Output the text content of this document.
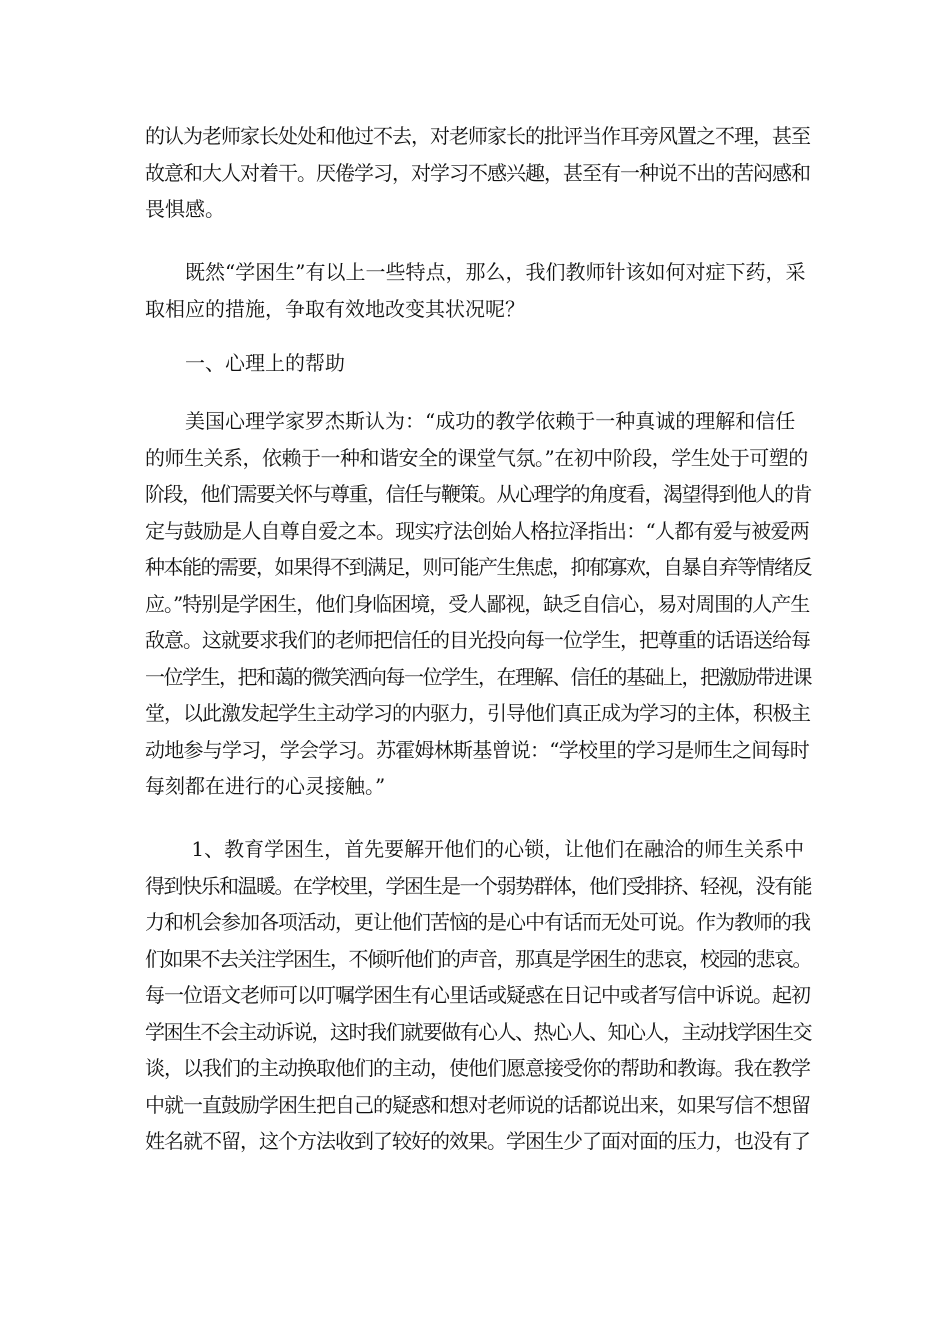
的认为老师家长处处和他过不去，对老师家长的批评当作耳旁风置之不理，甚至
故意和大人对着干。厌倦学习，对学习不感兴趣，甚至有一种说不出的苦闷感和
畏惧感。
　　既然“学困生”有以上一些特点，那么，我们教师针该如何对症下药，采
取相应的措施，争取有效地改变其状况呢？
　　一、心理上的帮助
　　美国心理学家罗杰斯认为：“成功的教学依赖于一种真诚的理解和信任
的师生关系，依赖于一种和谐安全的课堂气氛。”在初中阶段，学生处于可塑的
阶段，他们需要关怀与尊重，信任与鞭策。从心理学的角度看，渴望得到他人的肯
定与鼓励是人自尊自爱之本。现实疗法创始人格拉泽指出：“人都有爱与被爱两
种本能的需要，如果得不到满足，则可能产生焦虑，抑郁寡欢，自暴自弃等情绪反
应。”特别是学困生，他们身临困境，受人鄙视，缺乏自信心，易对周围的人产生
敌意。这就要求我们的老师把信任的目光投向每一位学生，把尊重的话语送给每
一位学生，把和蔼的微笑洒向每一位学生，在理解、信任的基础上，把激励带进课
堂，以此激发起学生主动学习的内驱力，引导他们真正成为学习的主体，积极主
动地参与学习，学会学习。苏霍姆林斯基曾说：“学校里的学习是师生之间每时
每刻都在进行的心灵接触。”
　　 1、教育学困生，首先要解开他们的心锁，让他们在融洽的师生关系中
得到快乐和温暖。在学校里，学困生是一个弱势群体，他们受排挤、轻视，没有能
力和机会参加各项活动，更让他们苦恼的是心中有话而无处可说。作为教师的我
们如果不去关注学困生，不倾听他们的声音，那真是学困生的悲哀，校园的悲哀。
每一位语文老师可以叮嘱学困生有心里话或疑惑在日记中或者写信中诉说。起初
学困生不会主动诉说，这时我们就要做有心人、热心人、知心人，主动找学困生交
谈，以我们的主动换取他们的主动，使他们愿意接受你的帮助和教诲。我在教学
中就一直鼓励学困生把自己的疑惑和想对老师说的话都说出来，如果写信不想留
姓名就不留，这个方法收到了较好的效果。学困生少了面对面的压力，也没有了
